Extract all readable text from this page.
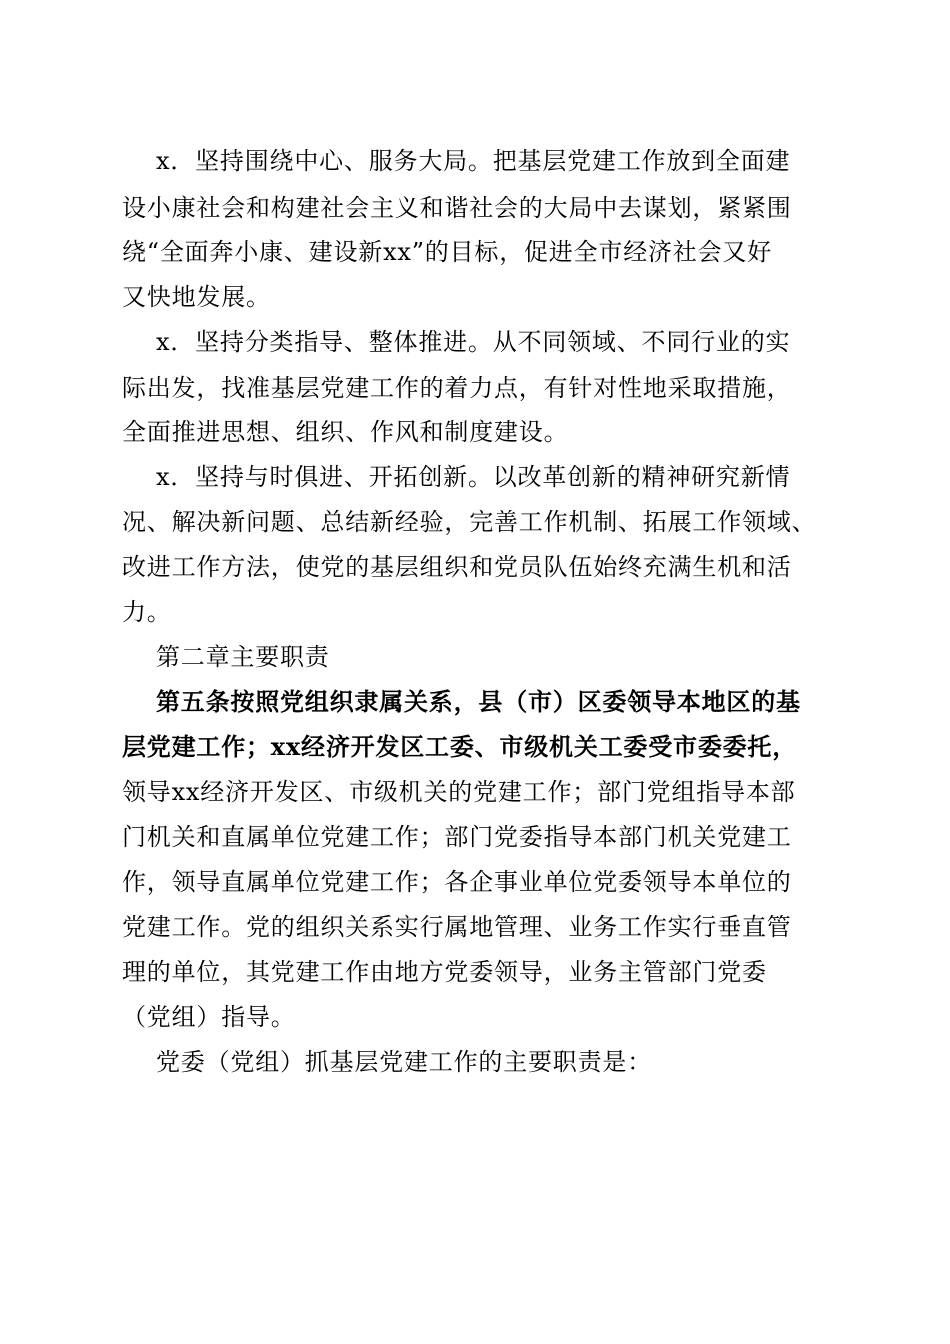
x．坚持围绕中心、服务大局。把基层党建工作放到全面建
设小康社会和构建社会主义和谐社会的大局中去谋划，紧紧围
绕“全面奔小康、建设新xx”的目标，促进全市经济社会又好
又快地发展。
x．坚持分类指导、整体推进。从不同领域、不同行业的实
际出发，找准基层党建工作的着力点，有针对性地采取措施，
全面推进思想、组织、作风和制度建设。
x．坚持与时俱进、开拓创新。以改革创新的精神研究新情
况、解决新问题、总结新经验，完善工作机制、拓展工作领域、
改进工作方法，使党的基层组织和党员队伍始终充满生机和活
力。
第二章主要职责
第五条按照党组织隶属关系，县（市）区委领导本地区的基
层党建工作；xx经济开发区工委、市级机关工委受市委委托，
领导xx经济开发区、市级机关的党建工作；部门党组指导本部
门机关和直属单位党建工作；部门党委指导本部门机关党建工
作，领导直属单位党建工作；各企事业单位党委领导本单位的
党建工作。党的组织关系实行属地管理、业务工作实行垂直管
理的单位，其党建工作由地方党委领导，业务主管部门党委
（党组）指导。
党委（党组）抓基层党建工作的主要职责是：
